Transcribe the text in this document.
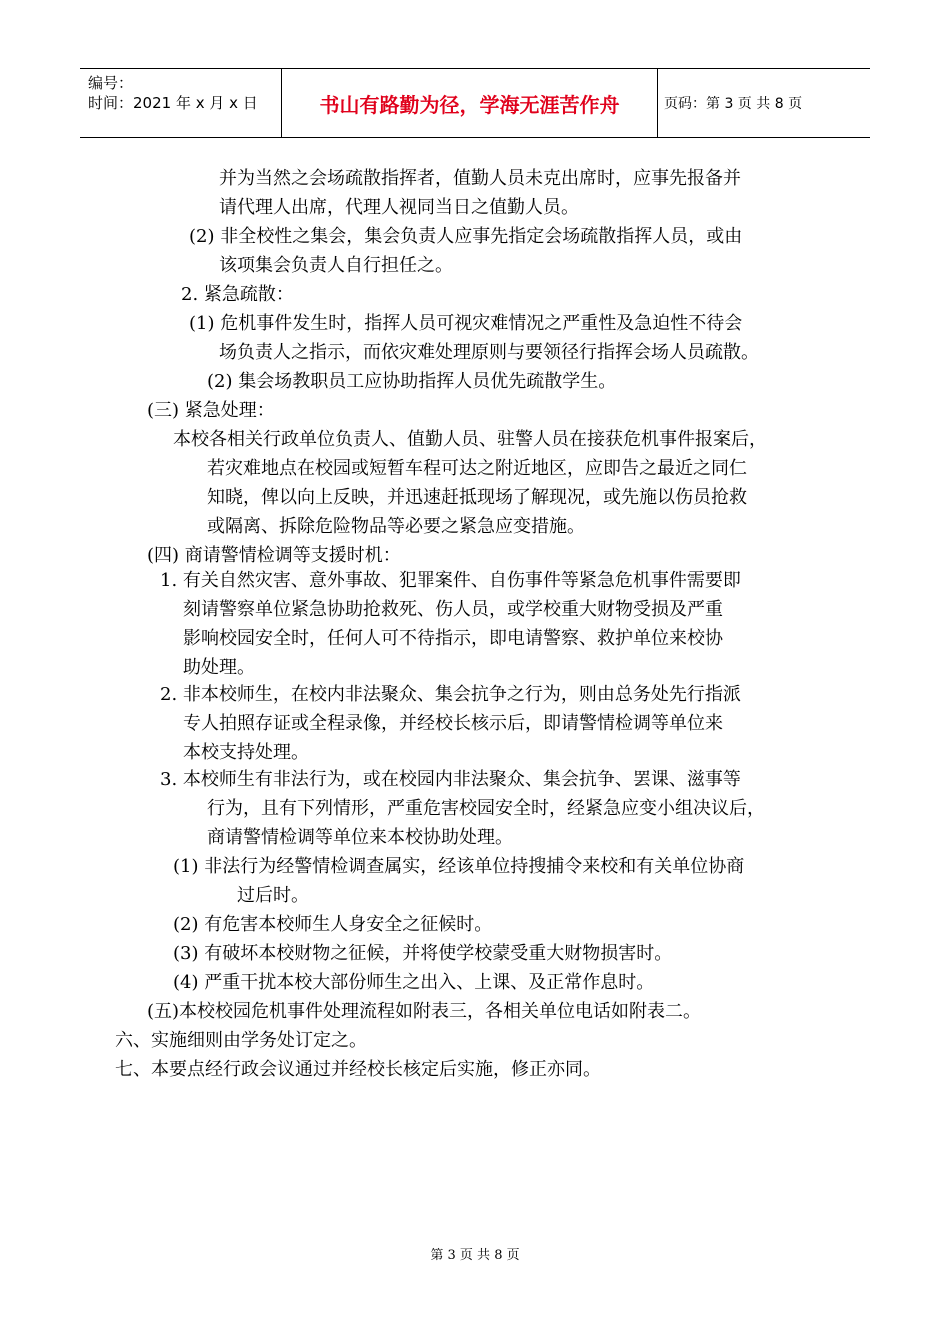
编号：
时间：2021 年 x 月 x 日	书山有路勤为径，学海无涯苦作舟	页码：第 3 页 共 8 页
并为当然之会场疏散指挥者，值勤人员未克出席时，应事先报备并
请代理人出席，代理人视同当日之值勤人员。
(2) 非全校性之集会，集会负责人应事先指定会场疏散指挥人员，或由
该项集会负责人自行担任之。
2. 紧急疏散：
(1) 危机事件发生时，指挥人员可视灾难情况之严重性及急迫性不待会
场负责人之指示，而依灾难处理原则与要领径行指挥会场人员疏散。
(2) 集会场教职员工应协助指挥人员优先疏散学生。
(三) 紧急处理：
本校各相关行政单位负责人、值勤人员、驻警人员在接获危机事件报案后，
若灾难地点在校园或短暂车程可达之附近地区，应即告之最近之同仁
知晓，俾以向上反映，并迅速赶抵现场了解现况，或先施以伤员抢救
或隔离、拆除危险物品等必要之紧急应变措施。
(四) 商请警情检调等支援时机：
1. 有关自然灾害、意外事故、犯罪案件、自伤事件等紧急危机事件需要即
刻请警察单位紧急协助抢救死、伤人员，或学校重大财物受损及严重
影响校园安全时，任何人可不待指示，即电请警察、救护单位来校协
助处理。
2. 非本校师生，在校内非法聚众、集会抗争之行为，则由总务处先行指派
专人拍照存证或全程录像，并经校长核示后，即请警情检调等单位来
本校支持处理。
3. 本校师生有非法行为，或在校园内非法聚众、集会抗争、罢课、滋事等
行为，且有下列情形，严重危害校园安全时，经紧急应变小组决议后，
商请警情检调等单位来本校协助处理。
(1) 非法行为经警情检调查属实，经该单位持搜捕令来校和有关单位协商
过后时。
(2) 有危害本校师生人身安全之征候时。
(3) 有破坏本校财物之征候，并将使学校蒙受重大财物损害时。
(4) 严重干扰本校大部份师生之出入、上课、及正常作息时。
(五)本校校园危机事件处理流程如附表三，各相关单位电话如附表二。
六、实施细则由学务处订定之。
七、本要点经行政会议通过并经校长核定后实施，修正亦同。
第 3 页 共 8 页
